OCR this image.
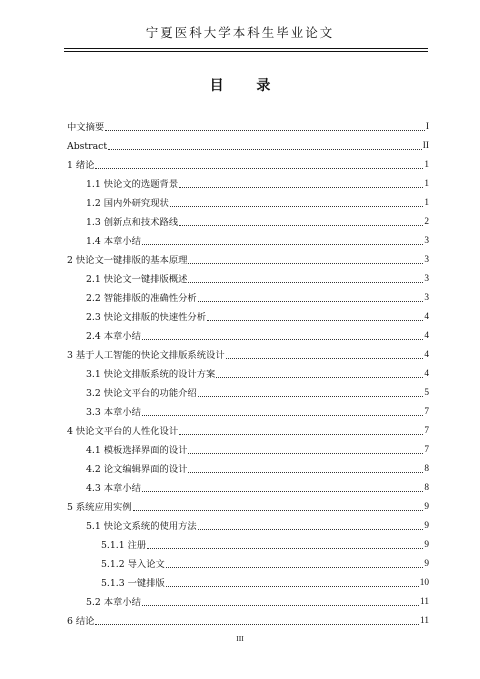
宁夏医科大学本科生毕业论文
目 录
中文摘要	I
Abstract	II
1 绪论	1
1.1 快论文的选题背景	1
1.2 国内外研究现状	1
1.3 创新点和技术路线	2
1.4 本章小结	3
2 快论文一键排版的基本原理	3
2.1 快论文一键排版概述	3
2.2 智能排版的准确性分析	3
2.3 快论文排版的快速性分析	4
2.4 本章小结	4
3 基于人工智能的快论文排版系统设计	4
3.1 快论文排版系统的设计方案	4
3.2 快论文平台的功能介绍	5
3.3 本章小结	7
4 快论文平台的人性化设计	7
4.1 模板选择界面的设计	7
4.2 论文编辑界面的设计	8
4.3 本章小结	8
5 系统应用实例	9
5.1 快论文系统的使用方法	9
5.1.1 注册	9
5.1.2 导入论文	9
5.1.3 一键排版	10
5.2 本章小结	11
6 结论	11
III
